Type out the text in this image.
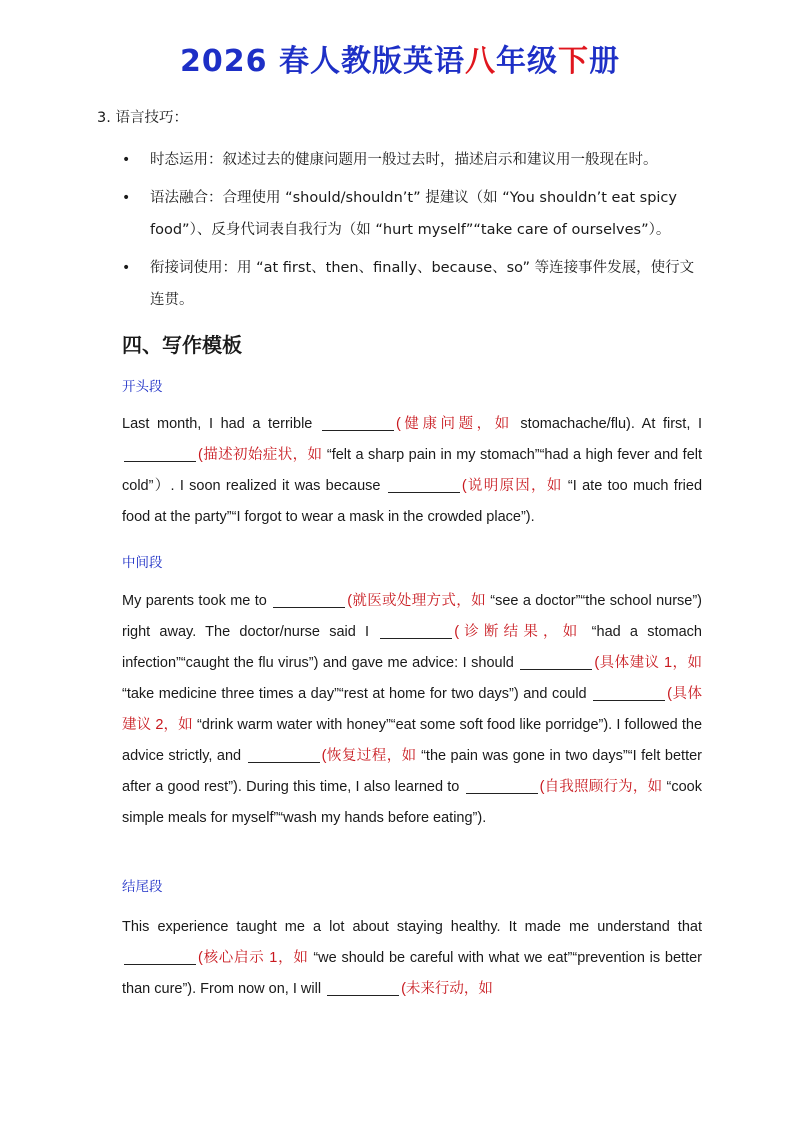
2026 春人教版英语八年级下册
3. 语言技巧：
• 时态运用：叙述过去的健康问题用一般过去时，描述启示和建议用一般现在时。
• 语法融合：合理使用 “should/shouldn’t” 提建议（如 “You shouldn’t eat spicy food”）、反身代词表自我行为（如 “hurt myself”“take care of ourselves”）。
• 衔接词使用：用 “at first、then、finally、because、so” 等连接事件发展，使行文连贯。
四、写作模板
开头段
Last month, I had a terrible	(健康问题，如 stomachache/flu). At first, I (描述初始症状，如 “felt a sharp pain in my stomach”“had a high fever and felt cold”）. I soon realized it was because	(说明原因，如 “I ate too much fried food at the party”“I forgot to wear a mask in the crowded place”).
中间段
My parents took me to	(就医或处理方式，如 “see a doctor”“the school nurse”) right away. The doctor/nurse said I	(诊断结果，如 “had a stomach infection”“caught the flu virus”) and gave me advice: I should	(具体建议 1，如 “take medicine three times a day”“rest at home for two days”) and could	(具体建议 2，如 “drink warm water with honey”“eat some soft food like porridge”). I followed the advice strictly, and	(恢复过程，如 “the pain was gone in two days”“I felt better after a good rest”). During this time, I also learned to	(自我照顾行为，如 “cook simple meals for myself”“wash my hands before eating”).
结尾段
This experience taught me a lot about staying healthy. It made me understand that (核心启示 1，如 “we should be careful with what we eat”“prevention is better than cure”). From now on, I will	(未来行动，如
